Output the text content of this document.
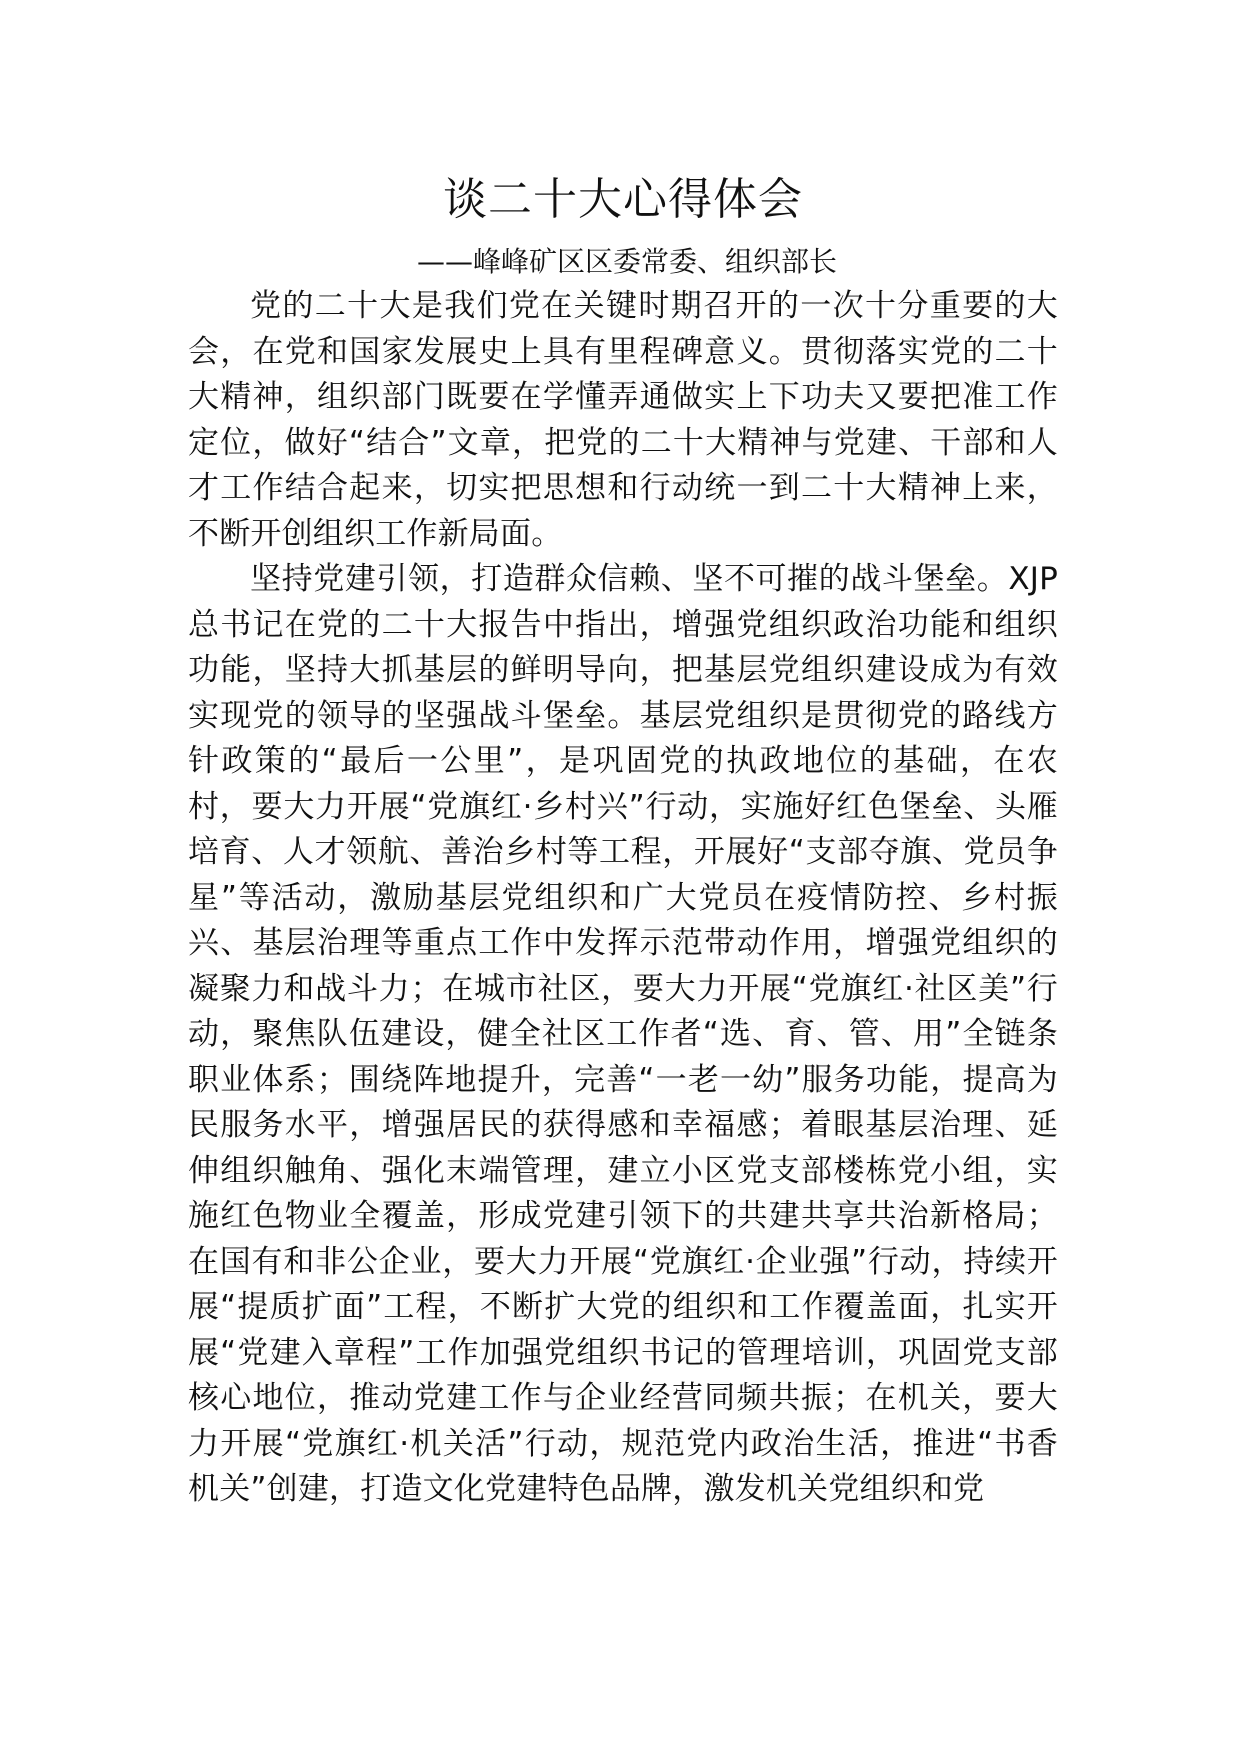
谈二十大心得体会
——峰峰矿区区委常委、组织部长

党的二十大是我们党在关键时期召开的一次十分重要的大会，在党和国家发展史上具有里程碑意义。贯彻落实党的二十大精神，组织部门既要在学懂弄通做实上下功夫又要把准工作定位，做好“结合”文章，把党的二十大精神与党建、干部和人才工作结合起来，切实把思想和行动统一到二十大精神上来，不断开创组织工作新局面。

坚持党建引领，打造群众信赖、坚不可摧的战斗堡垒。XJP总书记在党的二十大报告中指出，增强党组织政治功能和组织功能，坚持大抓基层的鲜明导向，把基层党组织建设成为有效实现党的领导的坚强战斗堡垒。基层党组织是贯彻党的路线方针政策的“最后一公里”，是巩固党的执政地位的基础，在农村，要大力开展“党旗红·乡村兴”行动，实施好红色堡垒、头雁培育、人才领航、善治乡村等工程，开展好“支部夺旗、党员争星”等活动，激励基层党组织和广大党员在疫情防控、乡村振兴、基层治理等重点工作中发挥示范带动作用，增强党组织的凝聚力和战斗力；在城市社区，要大力开展“党旗红·社区美”行动，聚焦队伍建设，健全社区工作者“选、育、管、用”全链条职业体系；围绕阵地提升，完善“一老一幼”服务功能，提高为民服务水平，增强居民的获得感和幸福感；着眼基层治理、延伸组织触角、强化末端管理，建立小区党支部楼栋党小组，实施红色物业全覆盖，形成党建引领下的共建共享共治新格局；在国有和非公企业，要大力开展“党旗红·企业强”行动，持续开展“提质扩面”工程，不断扩大党的组织和工作覆盖面，扎实开展“党建入章程”工作加强党组织书记的管理培训，巩固党支部核心地位，推动党建工作与企业经营同频共振；在机关，要大力开展“党旗红·机关活”行动，规范党内政治生活，推进“书香机关”创建，打造文化党建特色品牌，激发机关党组织和党
